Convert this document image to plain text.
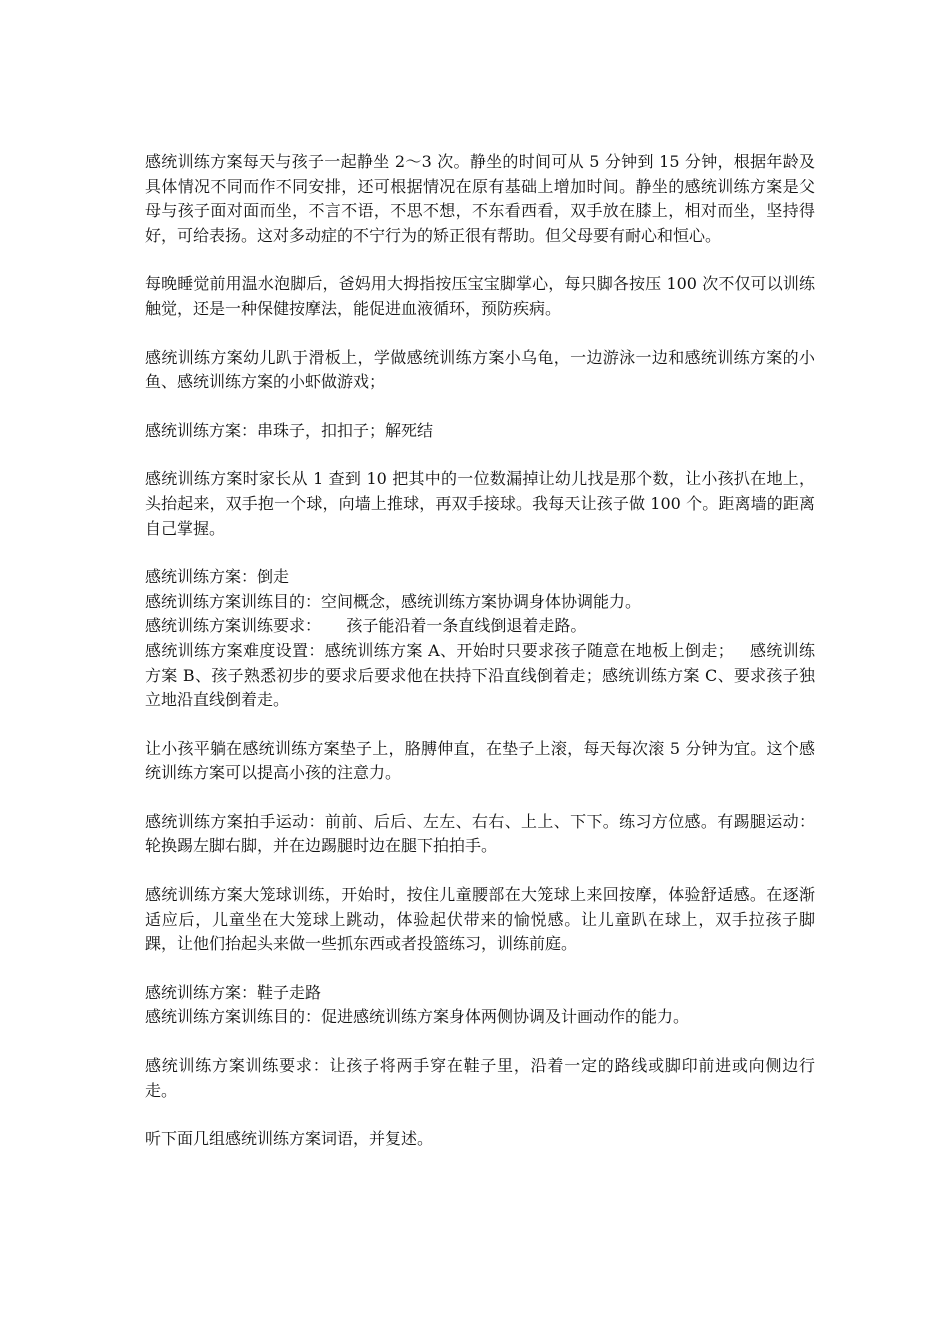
感统训练方案每天与孩子一起静坐 2～3 次。静坐的时间可从 5 分钟到 15 分钟，根据年龄及具体情况不同而作不同安排，还可根据情况在原有基础上增加时间。静坐的感统训练方案是父母与孩子面对面而坐，不言不语，不思不想，不东看西看，双手放在膝上，相对而坐，坚持得好，可给表扬。这对多动症的不宁行为的矫正很有帮助。但父母要有耐心和恒心。

每晚睡觉前用温水泡脚后，爸妈用大拇指按压宝宝脚掌心，每只脚各按压 100 次不仅可以训练触觉，还是一种保健按摩法，能促进血液循环，预防疾病。

感统训练方案幼儿趴于滑板上，学做感统训练方案小乌龟，一边游泳一边和感统训练方案的小鱼、感统训练方案的小虾做游戏；

感统训练方案：串珠子，扣扣子；解死结

感统训练方案时家长从 1 查到 10 把其中的一位数漏掉让幼儿找是那个数，让小孩扒在地上，头抬起来，双手抱一个球，向墙上推球，再双手接球。我每天让孩子做 100 个。距离墙的距离自己掌握。

感统训练方案：倒走
感统训练方案训练目的：空间概念，感统训练方案协调身体协调能力。
感统训练方案训练要求：     孩子能沿着一条直线倒退着走路。

感统训练方案难度设置：感统训练方案 A、开始时只要求孩子随意在地板上倒走；   感统训练方案 B、孩子熟悉初步的要求后要求他在扶持下沿直线倒着走；感统训练方案 C、要求孩子独立地沿直线倒着走。

让小孩平躺在感统训练方案垫子上，胳膊伸直，在垫子上滚，每天每次滚 5 分钟为宜。这个感统训练方案可以提高小孩的注意力。

感统训练方案拍手运动：前前、后后、左左、右右、上上、下下。练习方位感。有踢腿运动：轮换踢左脚右脚，并在边踢腿时边在腿下拍拍手。

感统训练方案大笼球训练，开始时，按住儿童腰部在大笼球上来回按摩，体验舒适感。在逐渐适应后，儿童坐在大笼球上跳动，体验起伏带来的愉悦感。让儿童趴在球上，双手拉孩子脚踝，让他们抬起头来做一些抓东西或者投篮练习，训练前庭。

感统训练方案：鞋子走路
感统训练方案训练目的：促进感统训练方案身体两侧协调及计画动作的能力。

感统训练方案训练要求：让孩子将两手穿在鞋子里，沿着一定的路线或脚印前进或向侧边行走。

听下面几组感统训练方案词语，并复述。
